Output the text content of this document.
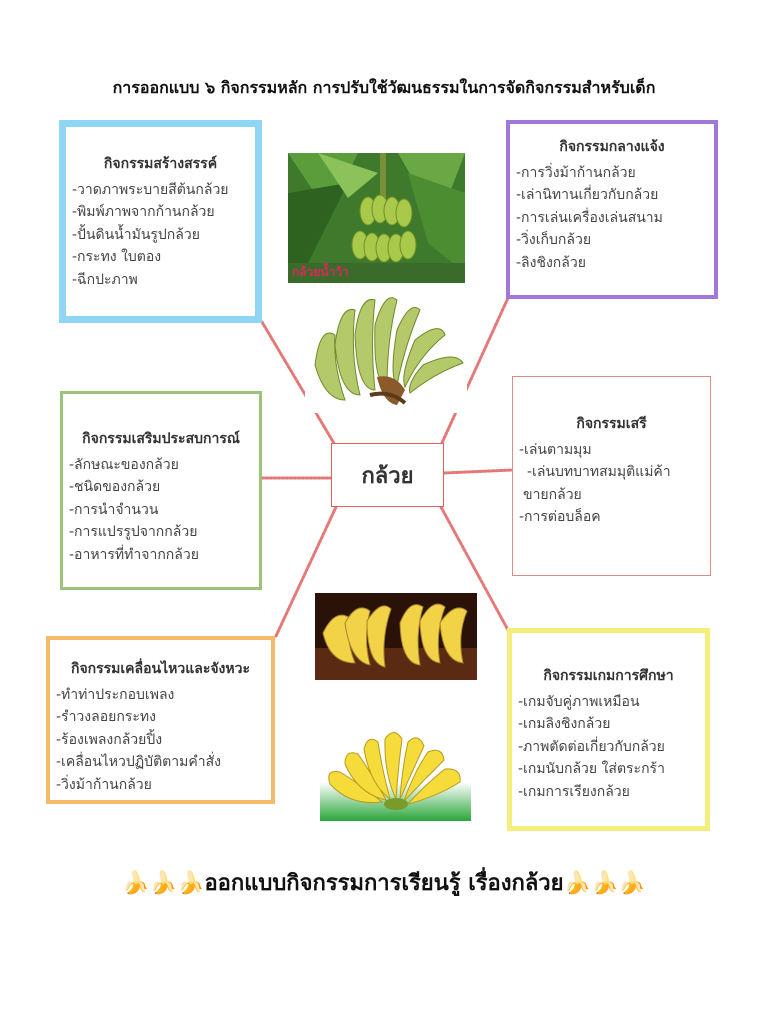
การออกแบบ ๖ กิจกรรมหลัก การปรับใช้วัฒนธรรมในการจัดกิจกรรมสำหรับเด็ก
กิจกรรมสร้างสรรค์
-วาดภาพระบายสีต้นกล้วย
-พิมพ์ภาพจากก้านกล้วย
-ปั้นดินน้ำมันรูปกล้วย
-กระทง ใบตอง
-ฉีกปะภาพ
กิจกรรมกลางแจ้ง
-การวิ่งม้าก้านกล้วย
-เล่านิทานเกี่ยวกับกล้วย
-การเล่นเครื่องเล่นสนาม
-วิ่งเก็บกล้วย
-ลิงชิงกล้วย
กิจกรรมเสริมประสบการณ์
-ลักษณะของกล้วย
-ชนิดของกล้วย
-การนำจำนวน
-การแปรรูปจากกล้วย
-อาหารที่ทำจากกล้วย
กิจกรรมเสรี
-เล่นตามมุม
-เล่นบทบาทสมมุติแม่ค้า
ขายกล้วย
-การต่อบล็อค
กิจกรรมเคลื่อนไหวและจังหวะ
-ทำท่าประกอบเพลง
-รำวงลอยกระทง
-ร้องเพลงกล้วยปิ้ง
-เคลื่อนไหวปฏิบัติตามคำสั่ง
-วิ่งม้าก้านกล้วย
กิจกรรมเกมการศึกษา
-เกมจับคู่ภาพเหมือน
-เกมลิงชิงกล้วย
-ภาพตัดต่อเกี่ยวกับกล้วย
-เกมนับกล้วย ใส่ตระกร้า
-เกมการเรียงกล้วย
กล้วย
กล้วยน้ำว้า
🍌🍌🍌ออกแบบกิจกรรมการเรียนรู้ เรื่องกล้วย🍌🍌🍌
